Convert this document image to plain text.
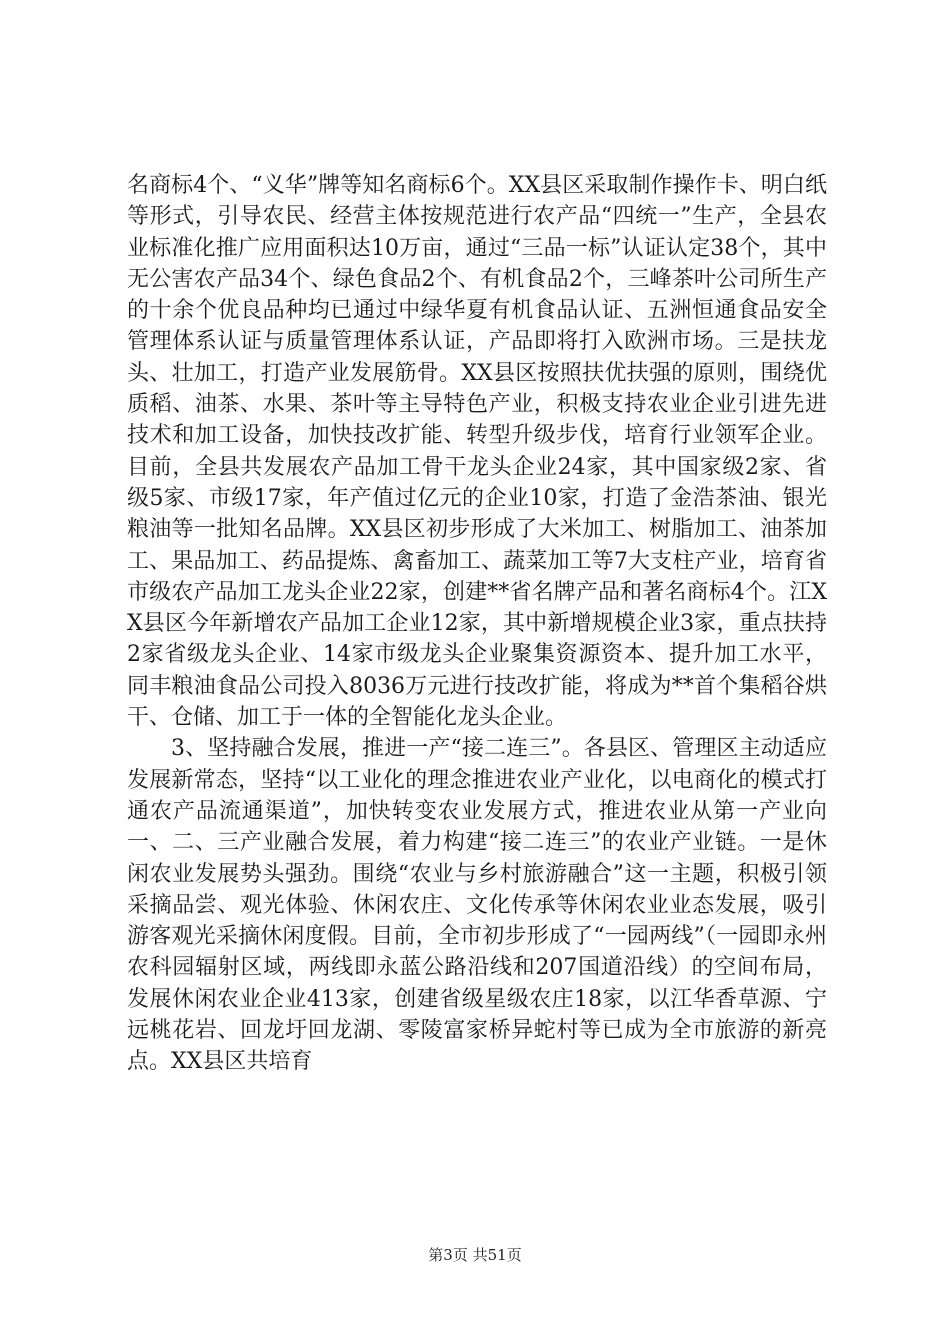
名商标4个、“义华”牌等知名商标6个。XX县区采取制作操作卡、明白纸等形式，引导农民、经营主体按规范进行农产品“四统一”生产，全县农业标准化推广应用面积达10万亩，通过“三品一标”认证认定38个，其中无公害农产品34个、绿色食品2个、有机食品2个，三峰茶叶公司所生产的十余个优良品种均已通过中绿华夏有机食品认证、五洲恒通食品安全管理体系认证与质量管理体系认证，产品即将打入欧洲市场。三是扶龙头、壮加工，打造产业发展筋骨。XX县区按照扶优扶强的原则，围绕优质稻、油茶、水果、茶叶等主导特色产业，积极支持农业企业引进先进技术和加工设备，加快技改扩能、转型升级步伐，培育行业领军企业。目前，全县共发展农产品加工骨干龙头企业24家，其中国家级2家、省级5家、市级17家，年产值过亿元的企业10家，打造了金浩茶油、银光粮油等一批知名品牌。XX县区初步形成了大米加工、树脂加工、油茶加工、果品加工、药品提炼、禽畜加工、蔬菜加工等7大支柱产业，培育省市级农产品加工龙头企业22家，创建**省名牌产品和著名商标4个。江XX县区今年新增农产品加工企业12家，其中新增规模企业3家，重点扶持2家省级龙头企业、14家市级龙头企业聚集资源资本、提升加工水平，同丰粮油食品公司投入8036万元进行技改扩能，将成为**首个集稻谷烘干、仓储、加工于一体的全智能化龙头企业。

3、坚持融合发展，推进一产“接二连三”。各县区、管理区主动适应发展新常态，坚持“以工业化的理念推进农业产业化，以电商化的模式打通农产品流通渠道”，加快转变农业发展方式，推进农业从第一产业向一、二、三产业融合发展，着力构建“接二连三”的农业产业链。一是休闲农业发展势头强劲。围绕“农业与乡村旅游融合”这一主题，积极引领采摘品尝、观光体验、休闲农庄、文化传承等休闲农业业态发展，吸引游客观光采摘休闲度假。目前，全市初步形成了“一园两线”（一园即永州农科园辐射区域，两线即永蓝公路沿线和207国道沿线）的空间布局，发展休闲农业企业413家，创建省级星级农庄18家，以江华香草源、宁远桃花岩、回龙圩回龙湖、零陵富家桥异蛇村等已成为全市旅游的新亮点。XX县区共培育

第3页 共51页
